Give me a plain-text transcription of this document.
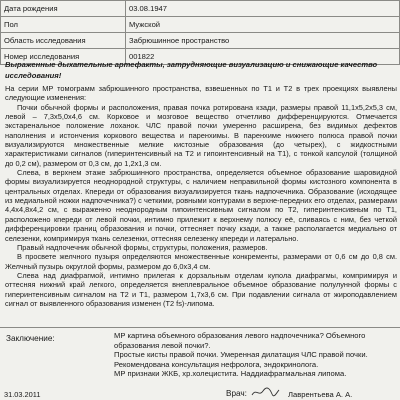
Дата рождения	03.08.1947
Пол	Мужской
Область исследования	Забрюшинное пространство
Номер исследования	001822
Выраженные дыхательные артефакты, затрудняющие визуализацию и снижающие качество исследования!

На серии МР томограмм забрюшинного пространства, взвешенных по Т1 и Т2 в трех проекциях выявлены следующие изменения:

Почки обычной формы и расположения, правая почка ротирована кзади, размеры правой 11,1х5,2х5,3 см, левой – 7,3х5,0х4,6 см. Корковое и мозговое вещество отчетливо дифференцируются. Отмечается экстаренальное положение лоханок. ЧЛС правой почки умеренно расширена, без видимых дефектов наполнения и истончения коркового вещества и паренхимы. В паренхиме нижнего полюса правой почки визуализируются множественные мелкие кистозные образования (до четырех), с жидкостными характеристиками сигналов (гиперинтенсивный на Т2 и гипоинтенсивный на Т1), с тонкой капсулой (толщиной до 0,2 см), размером от 0,3 см, до 1,2х1,3 см.

Слева, в верхнем этаже забрюшинного пространства, определяется объемное образование шаровидной формы визуализируется неоднородной структуры, с наличием неправильной формы кистозного компонента в центральных отделах. Кпереди от образования визуализируется ткань надпочечника. Образование (исходящее из медиальной ножки надпочечника?) с четкими, ровными контурами в верхне-передних его отделах, размерами 4,4х4,8х4,2 см, с выраженно неоднородным гипоинтенсивным сигналом по Т2, гиперинтенсивным по Т1, расположено кпереди от левой почки, интимно прилежит к верхнему полюсу её, сливаясь с ним, без четкой дифференцировки границ образования и почки, оттесняет почку кзади, а также располагается медиально от селезенки, компримируя ткань селезенки, оттесняя селезенку кпереди и латерально.

Правый надпочечник обычной формы, структуры, положения, размеров.

В просвете желчного пузыря определяются множественные конкременты, размерами от 0,6 см до 0,8 см. Желчный пузырь округлой формы, размером до 6,0х3,4 см.

Слева над диафрагмой, интимно прилегая к дорзальным отделам купола диафрагмы, компримируя и оттесняя нижний край легкого, определяется внеплевральное объемное образование полулунной формы с гиперинтенсивным сигналом на Т2 и Т1, размером 1,7х3,6 см. При подавлении сигнала от жироподавлением сигнал от выявленного образования изменен (Т2 fs)-липома.

Заключение:	МР картина объемного образования левого надпочечника? Объемного образования левой почки?.

Простые кисты правой почки. Умеренная дилатация ЧЛС правой почки. Рекомендована консультация нефролога, эндокринолога.

МР признаки ЖКБ, хр.холецистита. Наддиафрагмальная липома.

31.03.2011	Врач:	Лаврентьева А. А.
